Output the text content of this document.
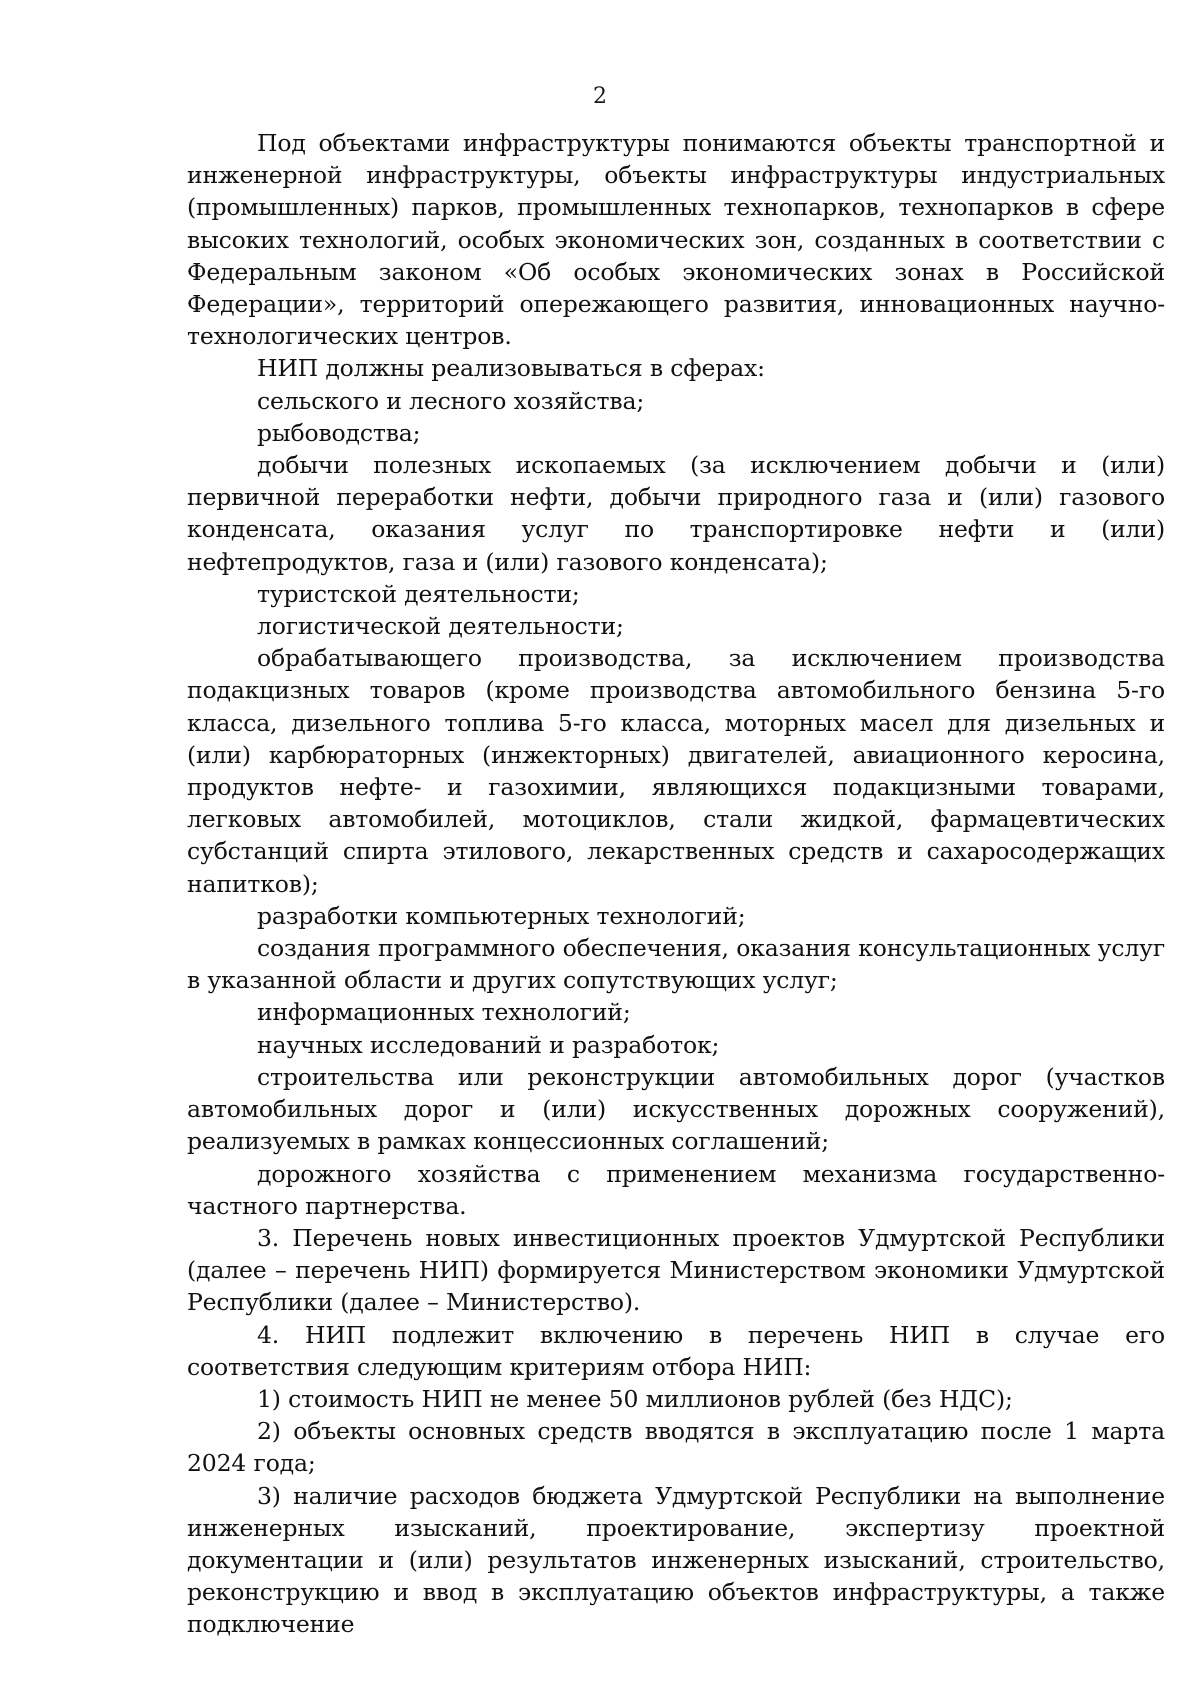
2

Под объектами инфраструктуры понимаются объекты транспортной и инженерной инфраструктуры, объекты инфраструктуры индустриальных (промышленных) парков, промышленных технопарков, технопарков в сфере высоких технологий, особых экономических зон, созданных в соответствии с Федеральным законом «Об особых экономических зонах в Российской Федерации», территорий опережающего развития, инновационных научно-технологических центров.

НИП должны реализовываться в сферах:

сельского и лесного хозяйства;

рыбоводства;

добычи полезных ископаемых (за исключением добычи и (или) первичной переработки нефти, добычи природного газа и (или) газового конденсата, оказания услуг по транспортировке нефти и (или) нефтепродуктов, газа и (или) газового конденсата);

туристской деятельности;

логистической деятельности;

обрабатывающего производства, за исключением производства подакцизных товаров (кроме производства автомобильного бензина 5-го класса, дизельного топлива 5-го класса, моторных масел для дизельных и (или) карбюраторных (инжекторных) двигателей, авиационного керосина, продуктов нефте- и газохимии, являющихся подакцизными товарами, легковых автомобилей, мотоциклов, стали жидкой, фармацевтических субстанций спирта этилового, лекарственных средств и сахаросодержащих напитков);

разработки компьютерных технологий;

создания программного обеспечения, оказания консультационных услуг в указанной области и других сопутствующих услуг;

информационных технологий;

научных исследований и разработок;

строительства или реконструкции автомобильных дорог (участков автомобильных дорог и (или) искусственных дорожных сооружений), реализуемых в рамках концессионных соглашений;

дорожного хозяйства с применением механизма государственно-частного партнерства.

3. Перечень новых инвестиционных проектов Удмуртской Республики (далее – перечень НИП) формируется Министерством экономики Удмуртской Республики (далее – Министерство).

4. НИП подлежит включению в перечень НИП в случае его соответствия следующим критериям отбора НИП:

1) стоимость НИП не менее 50 миллионов рублей (без НДС);

2) объекты основных средств вводятся в эксплуатацию после 1 марта 2024 года;

3) наличие расходов бюджета Удмуртской Республики на выполнение инженерных изысканий, проектирование, экспертизу проектной документации и (или) результатов инженерных изысканий, строительство, реконструкцию и ввод в эксплуатацию объектов инфраструктуры, а также подключение
